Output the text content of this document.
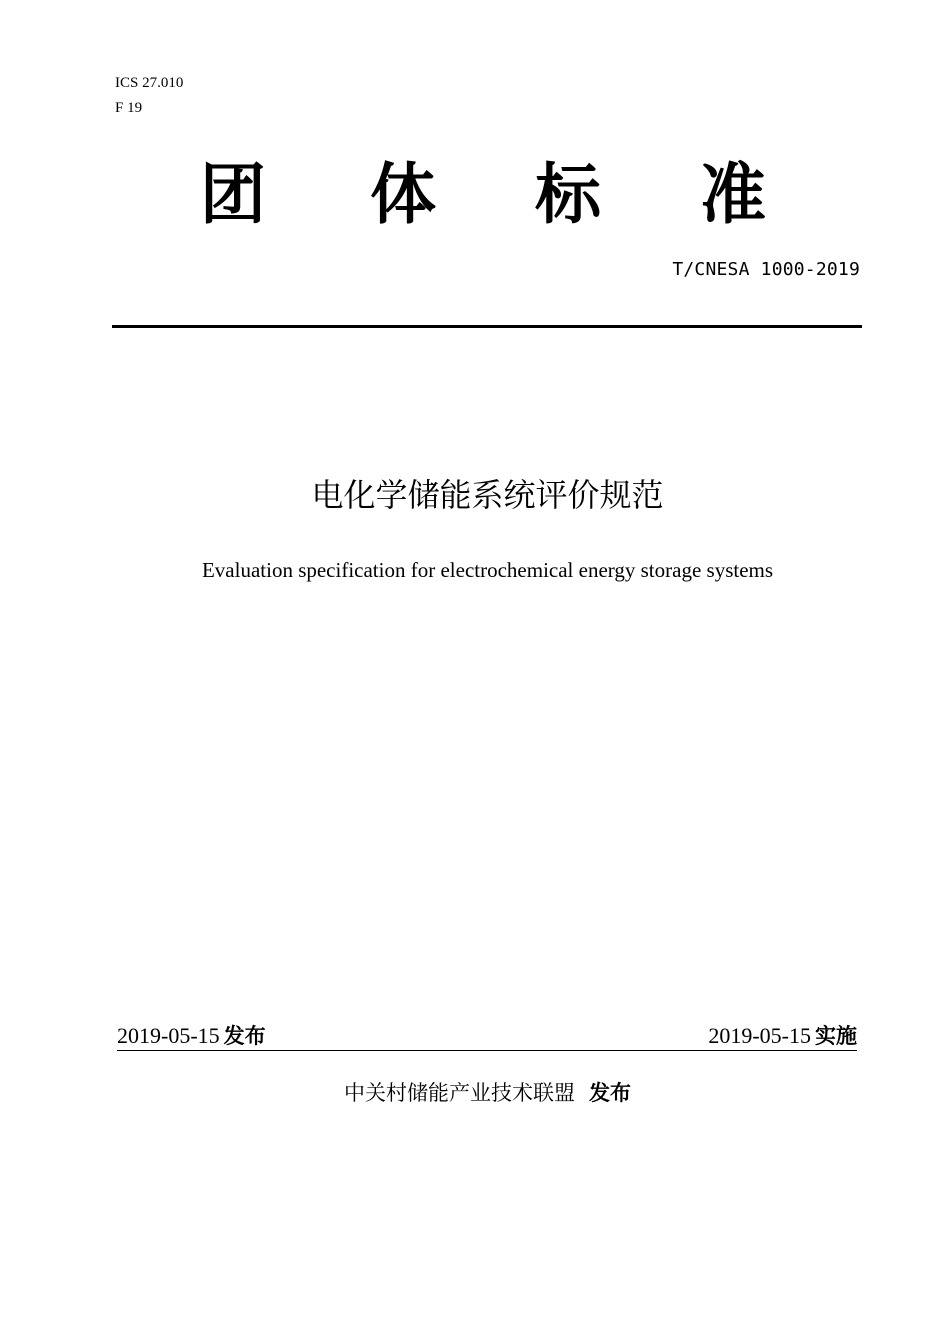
ICS 27.010
F 19
团 体 标 准
T/CNESA 1000-2019
电化学储能系统评价规范
Evaluation specification for electrochemical energy storage systems
2019-05-15 发布	2019-05-15 实施
中关村储能产业技术联盟 发布
